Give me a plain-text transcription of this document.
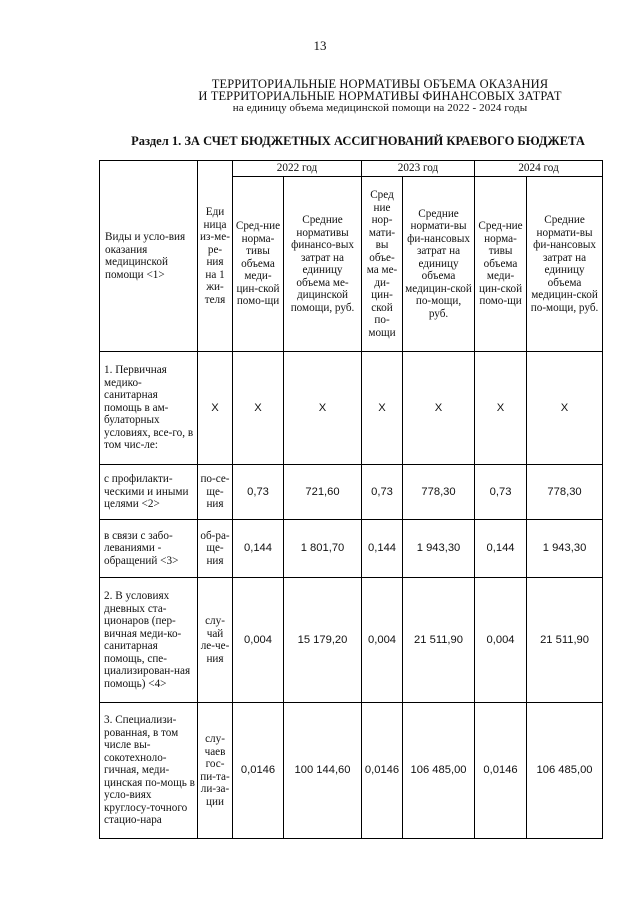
13
ТЕРРИТОРИАЛЬНЫЕ НОРМАТИВЫ ОБЪЕМА ОКАЗАНИЯ
И ТЕРРИТОРИАЛЬНЫЕ НОРМАТИВЫ ФИНАНСОВЫХ ЗАТРАТ
на единицу объема медицинской помощи на 2022 - 2024 годы
Раздел 1. ЗА СЧЕТ БЮДЖЕТНЫХ АССИГНОВАНИЙ КРАЕВОГО БЮДЖЕТА
Виды и усло-вия оказания медицинской помощи <1>	Еди ница из-ме-ре-ния на 1 жи-теля	2022 год		2023 год		2024 год	
		Сред-ние норма-тивы объема меди-цин-ской помо-щи	Средние нормативы финансо-вых затрат на единицу объема ме-дицинской помощи, руб.	Сред ние нор-мати-вы объе-ма ме-ди-цин-ской по-мощи	Средние нормати-вы фи-нансовых затрат на единицу объема медицин-ской по-мощи, руб.	Сред-ние норма-тивы объема меди-цин-ской помо-щи	Средние нормати-вы фи-нансовых затрат на единицу объема медицин-ской по-мощи, руб.
1. Первичная медико-санитарная помощь в ам-булаторных условиях, все-го, в том чис-ле:	X	X	X	X	X	X	X
с профилакти-ческими и иными целями <2>	по-се-ще-ния	0,73	721,60	0,73	778,30	0,73	778,30
в связи с забо-леваниями - обращений <3>	об-ра-ще-ния	0,144	1 801,70	0,144	1 943,30	0,144	1 943,30
2. В условиях дневных ста-ционаров (пер-вичная меди-ко-санитарная помощь, спе-циализирован-ная помощь) <4>	слу-чай ле-че-ния	0,004	15 179,20	0,004	21 511,90	0,004	21 511,90
3. Специализи-рованная, в том числе вы-сокотехноло-гичная, меди-цинская по-мощь в усло-виях круглосу-точного стацио-нара	слу-чаев гос-пи-та-ли-за-ции	0,0146	100 144,60	0,0146	106 485,00	0,0146	106 485,00
